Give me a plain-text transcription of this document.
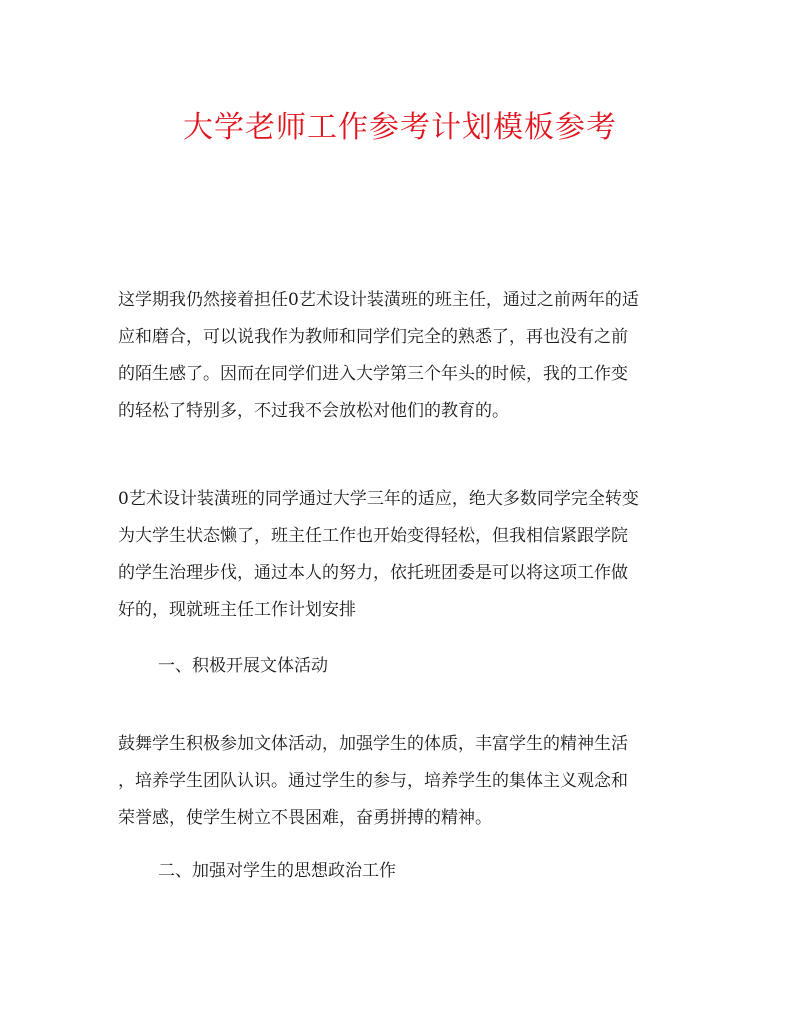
大学老师工作参考计划模板参考
这学期我仍然接着担任0艺术设计装潢班的班主任，通过之前两年的适
应和磨合，可以说我作为教师和同学们完全的熟悉了，再也没有之前
的陌生感了。因而在同学们进入大学第三个年头的时候，我的工作变
的轻松了特别多，不过我不会放松对他们的教育的。
0艺术设计装潢班的同学通过大学三年的适应，绝大多数同学完全转变
为大学生状态懒了，班主任工作也开始变得轻松，但我相信紧跟学院
的学生治理步伐，通过本人的努力，依托班团委是可以将这项工作做
好的，现就班主任工作计划安排
一、积极开展文体活动
鼓舞学生积极参加文体活动，加强学生的体质，丰富学生的精神生活
，培养学生团队认识。通过学生的参与，培养学生的集体主义观念和
荣誉感，使学生树立不畏困难，奋勇拼搏的精神。
二、加强对学生的思想政治工作
